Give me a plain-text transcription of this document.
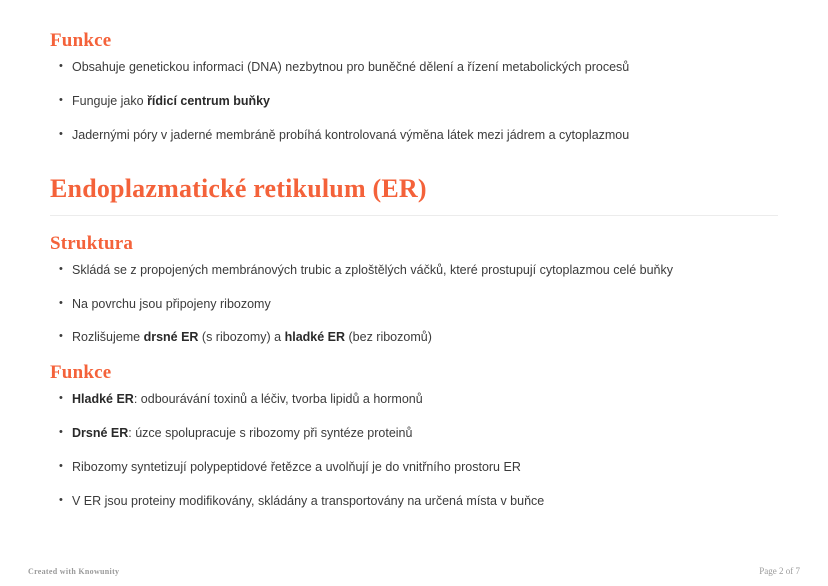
Funkce
• Obsahuje genetickou informaci (DNA) nezbytnou pro buněčné dělení a řízení metabolických procesů
• Funguje jako řídicí centrum buňky
• Jadernými póry v jaderné membráně probíhá kontrolovaná výměna látek mezi jádrem a cytoplazmou
Endoplazmatické retikulum (ER)
Struktura
• Skládá se z propojených membránových trubic a zploštělých váčků, které prostupují cytoplazmou celé buňky
• Na povrchu jsou připojeny ribozomy
• Rozlišujeme drsné ER (s ribozomy) a hladké ER (bez ribozomů)
Funkce
• Hladké ER: odbourávání toxinů a léčiv, tvorba lipidů a hormonů
• Drsné ER: úzce spolupracuje s ribozomy při syntéze proteinů
• Ribozomy syntetizují polypeptidové řetězce a uvolňují je do vnitřního prostoru ER
• V ER jsou proteiny modifikovány, skládány a transportovány na určená místa v buňce
Created with Knowunity	Page 2 of 7
